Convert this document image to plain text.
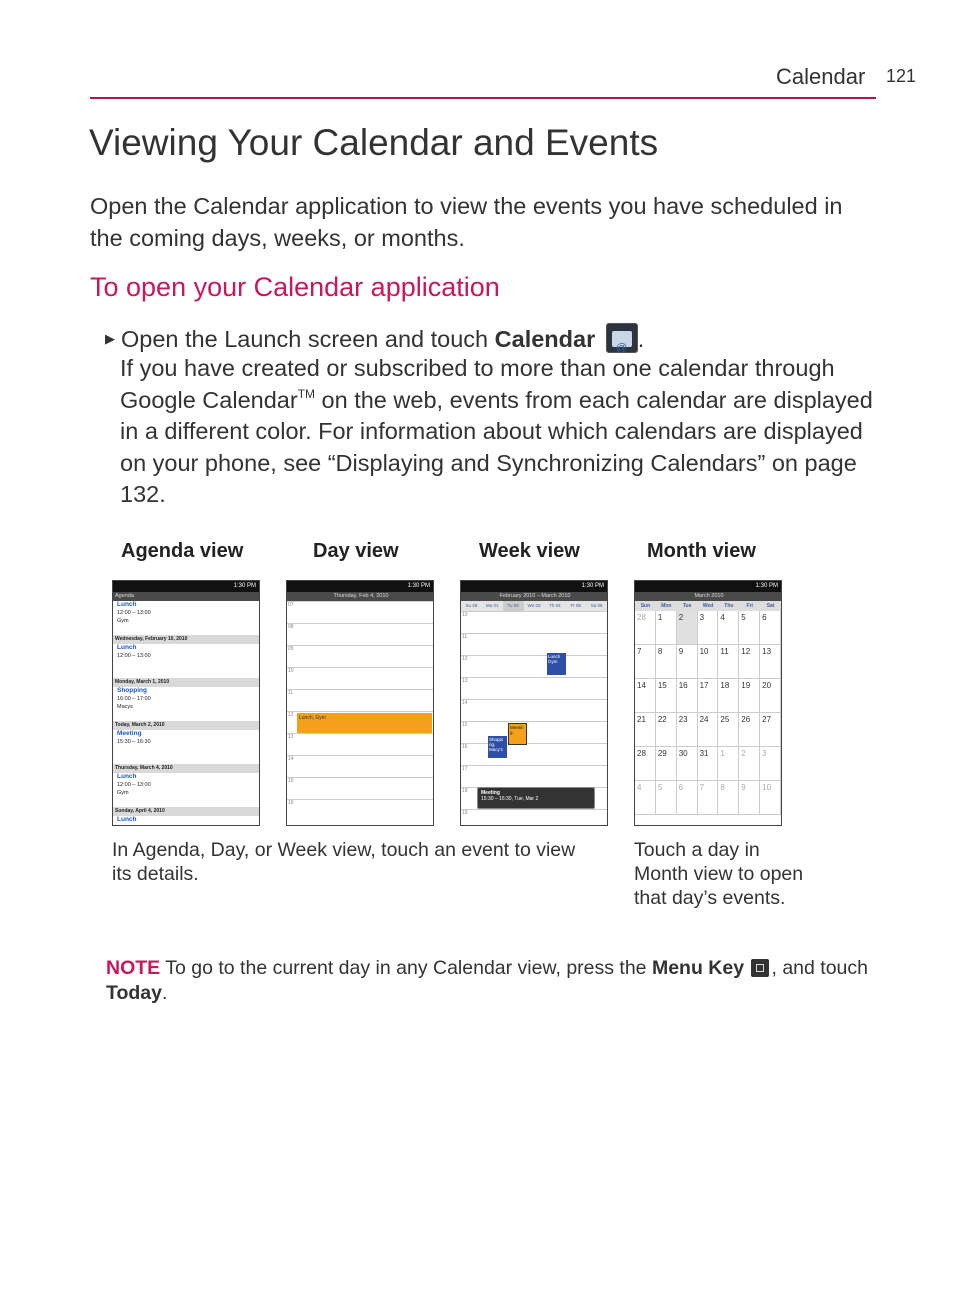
Calendar 121
Viewing Your Calendar and Events

Open the Calendar application to view the events you have scheduled in the coming days, weeks, or months.

To open your Calendar application
▶ Open the Launch screen and touch Calendar @ .

If you have created or subscribed to more than one calendar through Google Calendar™ on the web, events from each calendar are displayed in a different color. For information about which calendars are displayed on your phone, see “Displaying and Synchronizing Calendars” on page 132.

Agenda view	Day view	Week view	Month view
1:30 PM
Agenda
Lunch
12:00 – 13:00
Gym
Wednesday, February 10, 2010
Lunch
12:00 – 13:00
Monday, March 1, 2010
Shopping
16:00 – 17:00
Macys
Today, March 2, 2010
Meeting
15:30 – 16:30
Thursday, March 4, 2010
Lunch
12:00 – 13:00
Gym
Sunday, April 4, 2010
Lunch
1:30 PM
Thursday, Feb 4, 2010
07
08
09
10
11
12	Lunch, Gym
13
14
15
16
1:30 PM
February 2010 – March 2010
Su 28	Mo 01	Tu 02	We 03	Th 04	Fr 05	Sa 06
10
11
12
13
14
15
16
17
18
19
Lunch Gym
Meetin g
Shoppi ng, Macy's
Meeting
15:30 – 16:30, Tue, Mar 2
1:30 PM
March 2010
Sun	Mon	Tue	Wed	Thu	Fri	Sat
28	1	2	3	4	5	6
7	8	9	10	11	12	13
14	15	16	17	18	19	20
21	22	23	24	25	26	27
28	29	30	31	1	2	3
4	5	6	7	8	9	10
In Agenda, Day, or Week view, touch an event to view its details.
Touch a day in Month view to open that day’s events.
NOTE To go to the current day in any Calendar view, press the Menu Key , and touch Today.
